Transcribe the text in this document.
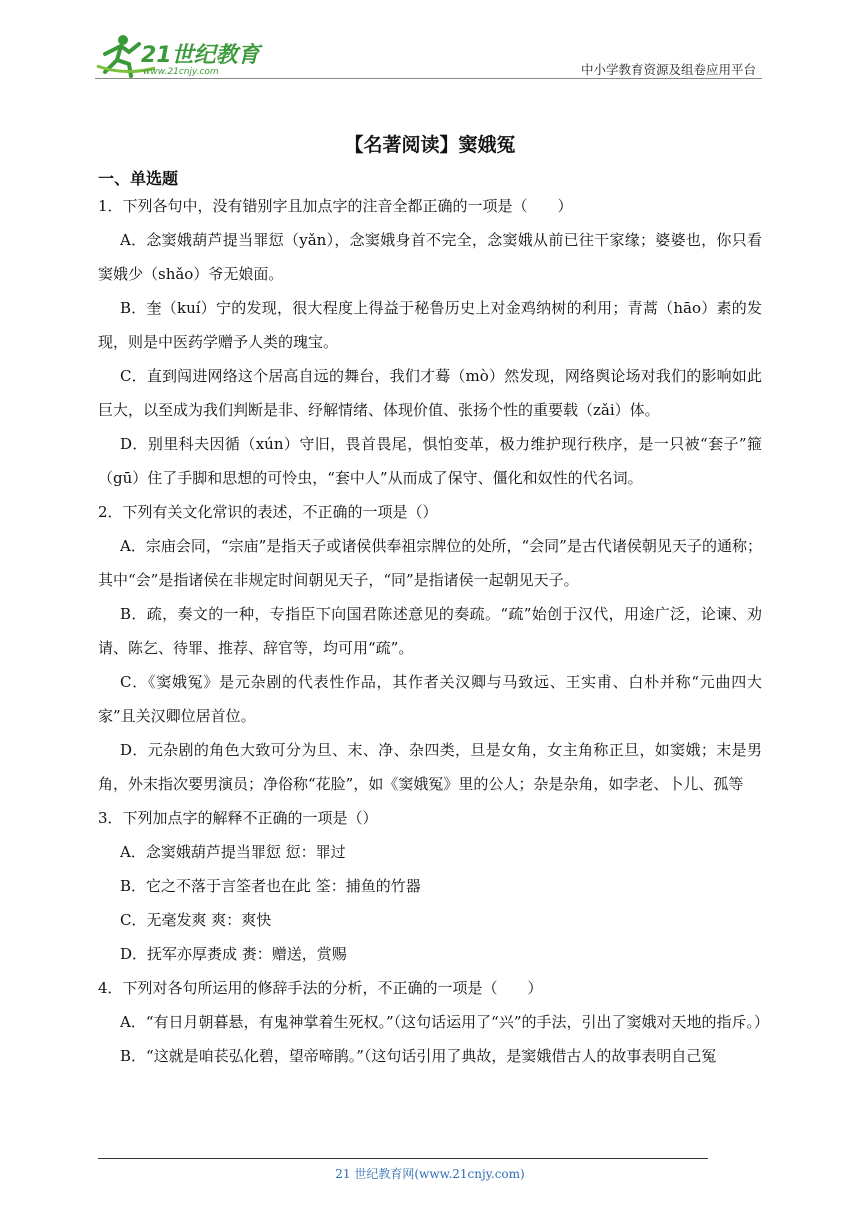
21世纪教育
www.21cnjy.com	中小学教育资源及组卷应用平台
【名著阅读】窦娥冤
一、单选题

1．下列各句中，没有错别字且加点字的注音全都正确的一项是（　　）

A．念窦娥葫芦提当罪愆（yǎn），念窦娥身首不完全，念窦娥从前已往干家缘；婆婆也，你只看窦娥少（shǎo）爷无娘面。

B．奎（kuí）宁的发现，很大程度上得益于秘鲁历史上对金鸡纳树的利用；青蒿（hāo）素的发现，则是中医药学赠予人类的瑰宝。

C．直到闯进网络这个居高自远的舞台，我们才蓦（mò）然发现，网络舆论场对我们的影响如此巨大，以至成为我们判断是非、纾解情绪、体现价值、张扬个性的重要载（zǎi）体。

D．别里科夫因循（xún）守旧，畏首畏尾，惧怕变革，极力维护现行秩序，是一只被“套子”箍（gū）住了手脚和思想的可怜虫，“套中人”从而成了保守、僵化和奴性的代名词。

2．下列有关文化常识的表述，不正确的一项是（）

A．宗庙会同，“宗庙”是指天子或诸侯供奉祖宗牌位的处所，“会同”是古代诸侯朝见天子的通称；其中“会”是指诸侯在非规定时间朝见天子，“同”是指诸侯一起朝见天子。

B．疏，奏文的一种，专指臣下向国君陈述意见的奏疏。“疏”始创于汉代，用途广泛，论谏、劝请、陈乞、待罪、推荐、辞官等，均可用“疏”。

C．《窦娥冤》是元杂剧的代表性作品，其作者关汉卿与马致远、王实甫、白朴并称“元曲四大家”且关汉卿位居首位。

D．元杂剧的角色大致可分为旦、末、净、杂四类，旦是女角，女主角称正旦，如窦娥；末是男角，外末指次要男演员；净俗称“花脸”，如《窦娥冤》里的公人；杂是杂角，如孛老、卜儿、孤等

3．下列加点字的解释不正确的一项是（）

A．念窦娥葫芦提当罪愆 愆：罪过

B．它之不落于言筌者也在此 筌：捕鱼的竹器

C．无毫发爽 爽：爽快

D．抚军亦厚赉成 赉：赠送，赏赐

4．下列对各句所运用的修辞手法的分析，不正确的一项是（　　）

A．“有日月朝暮悬，有鬼神掌着生死权。”（这句话运用了“兴”的手法，引出了窦娥对天地的指斥。）

B．“这就是咱苌弘化碧，望帝啼鹃。”（这句话引用了典故，是窦娥借古人的故事表明自己冤

21 世纪教育网(www.21cnjy.com)
